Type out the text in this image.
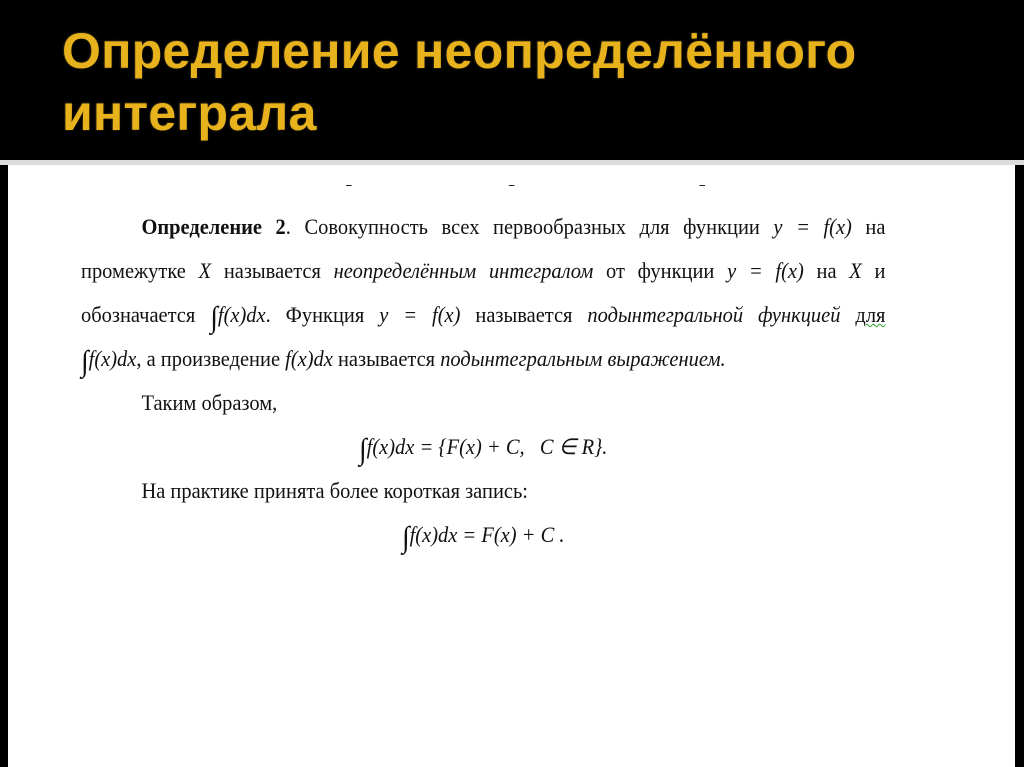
Определение неопределённого интеграла
Определение 2. Совокупность всех первообразных для функции y = f(x) на
промежутке X называется неопределённым интегралом от функции y = f(x) на X и
обозначается ∫f(x)dx. Функция y = f(x) называется подынтегральной функцией для
∫f(x)dx, а произведение f(x)dx называется подынтегральным выражением.
Таким образом,
∫f(x)dx = {F(x) + C,   C ∈ R}.
На практике принята более короткая запись:
∫f(x)dx = F(x) + C .
